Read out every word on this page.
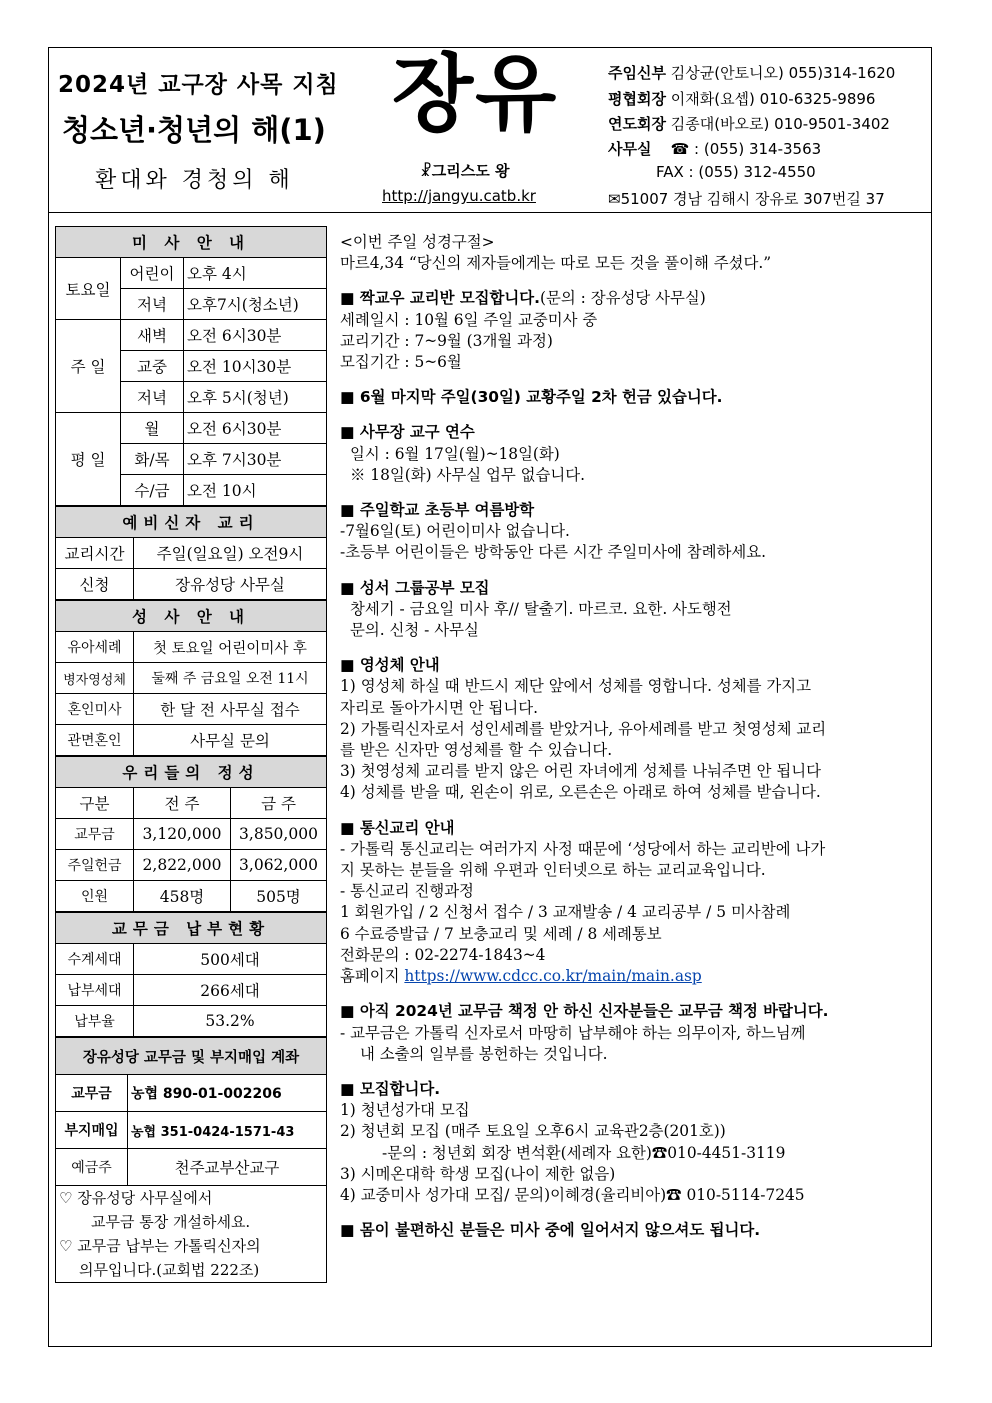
2024년 교구장 사목 지침
청소년·청년의 해(1)
환대와 경청의 해
장유
☧그리스도 왕
http://jangyu.catb.kr
주임신부 김상균(안토니오) 055)314-1620
평협회장 이재화(요셉) 010-6325-9896
연도회장 김종대(바오로) 010-9501-3402
사무실 ☎ : (055) 314-3563
FAX : (055) 312-4550
✉51007 경남 김해시 장유로 307번길 37
미 사 안 내		
토요일	어린이	오후 4시
	저녁	오후7시(청소년)
주 일	새벽	오전 6시30분
	교중	오전 10시30분
	저녁	오후 5시(청년)
평 일	월	오전 6시30분
	화/목	오후 7시30분
	수/금	오전 10시
예비신자 교리	
교리시간	주일(일요일) 오전9시
신청	장유성당 사무실
성 사 안 내	
유아세례	첫 토요일 어린이미사 후
병자영성체	둘째 주 금요일 오전 11시
혼인미사	한 달 전 사무실 접수
관면혼인	사무실 문의
우리들의 정성		
구분	전 주	금 주
교무금	3,120,000	3,850,000
주일헌금	2,822,000	3,062,000
인원	458명	505명
교무금 납부현황	
수계세대	500세대
납부세대	266세대
납부율	53.2%
장유성당 교무금 및 부지매입 계좌	
교무금	농협 890-01-002206
부지매입	농협 351-0424-1571-43
예금주	천주교부산교구

♡ 장유성당 사무실에서
교무금 통장 개설하세요.
♡ 교무금 납부는 가톨릭신자의
의무입니다.(교회법 222조)	

<이번 주일 성경구절>

마르4,34 “당신의 제자들에게는 따로 모든 것을 풀이해 주셨다.”

■ 짝교우 교리반 모집합니다.(문의 : 장유성당 사무실)

세례일시 : 10월 6일 주일 교중미사 중

교리기간 : 7~9월 (3개월 과정)

모집기간 : 5~6월

■ 6월 마지막 주일(30일) 교황주일 2차 헌금 있습니다.

■ 사무장 교구 연수

일시 : 6월 17일(월)~18일(화)

※ 18일(화) 사무실 업무 없습니다.

■ 주일학교 초등부 여름방학

-7월6일(토) 어린이미사 없습니다.

-초등부 어린이들은 방학동안 다른 시간 주일미사에 참례하세요.

■ 성서 그룹공부 모집

창세기 - 금요일 미사 후// 탈출기. 마르코. 요한. 사도행전

문의. 신청 - 사무실

■ 영성체 안내

1) 영성체 하실 때 반드시 제단 앞에서 성체를 영합니다. 성체를 가지고

자리로 돌아가시면 안 됩니다.

2) 가톨릭신자로서 성인세례를 받았거나, 유아세례를 받고 첫영성체 교리

를 받은 신자만 영성체를 할 수 있습니다.

3) 첫영성체 교리를 받지 않은 어린 자녀에게 성체를 나눠주면 안 됩니다

4) 성체를 받을 때, 왼손이 위로, 오른손은 아래로 하여 성체를 받습니다.

■ 통신교리 안내

- 가톨릭 통신교리는 여러가지 사정 때문에 ‘성당에서 하는 교리반에 나가

지 못하는 분들을 위해 우편과 인터넷으로 하는 교리교육입니다.

- 통신교리 진행과정

1 회원가입 / 2 신청서 접수 / 3 교재발송 / 4 교리공부 / 5 미사참례

6 수료증발급 / 7 보충교리 및 세례 / 8 세례통보

전화문의 : 02-2274-1843~4

홈페이지 https://www.cdcc.co.kr/main/main.asp

■ 아직 2024년 교무금 책정 안 하신 신자분들은 교무금 책정 바랍니다.

- 교무금은 가톨릭 신자로서 마땅히 납부해야 하는 의무이자, 하느님께

내 소출의 일부를 봉헌하는 것입니다.

■ 모집합니다.

1) 청년성가대 모집

2) 청년회 모집 (매주 토요일 오후6시 교육관2층(201호))

-문의 : 청년회 회장 변석환(세례자 요한)☎010-4451-3119

3) 시메온대학 학생 모집(나이 제한 없음)

4) 교중미사 성가대 모집/ 문의)이혜경(율리비아)☎ 010-5114-7245

■ 몸이 불편하신 분들은 미사 중에 일어서지 않으셔도 됩니다.
